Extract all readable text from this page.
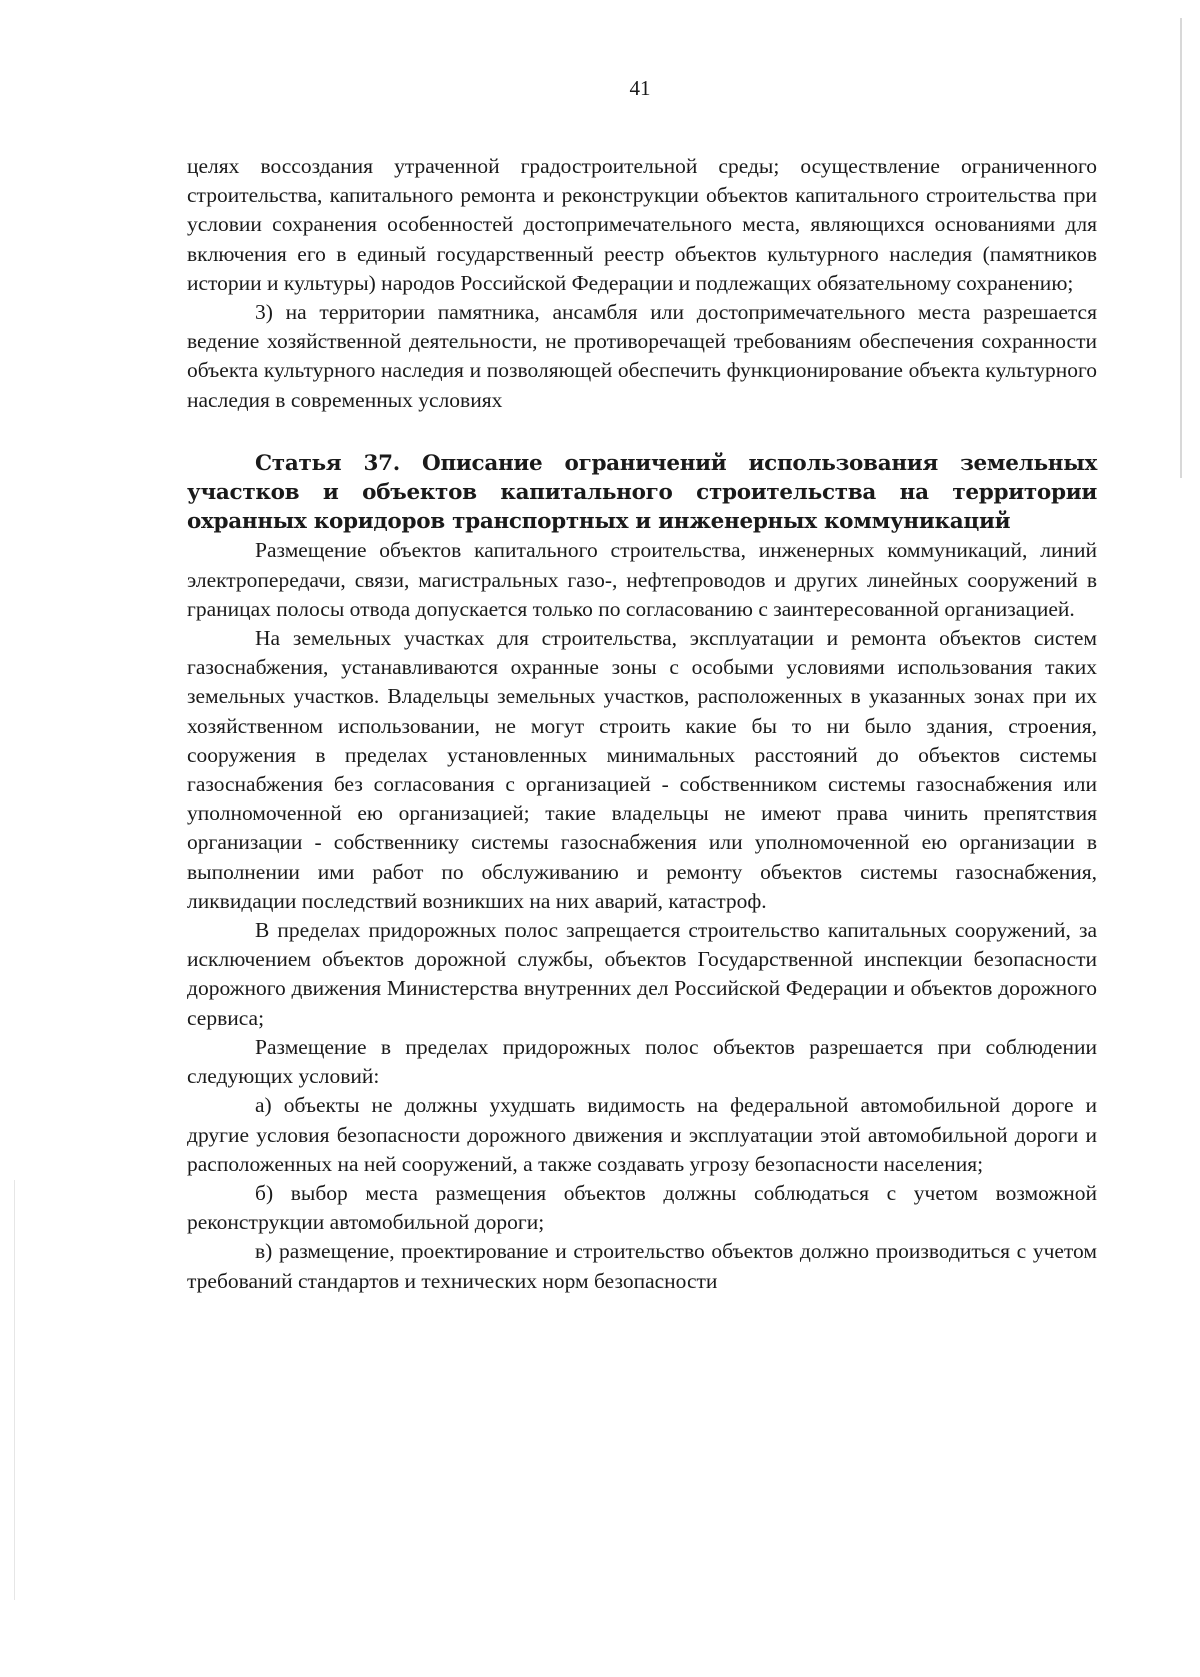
41

целях воссоздания утраченной градостроительной среды; осуществление ограниченного строительства, капитального ремонта и реконструкции объектов капитального строительства при условии сохранения особенностей достопримечательного места, являющихся основаниями для включения его в единый государственный реестр объектов культурного наследия (памятников истории и культуры) народов Российской Федерации и подлежащих обязательному сохранению;

3) на территории памятника, ансамбля или достопримечательного места разрешается ведение хозяйственной деятельности, не противоречащей требованиям обеспечения сохранности объекта культурного наследия и позволяющей обеспечить функционирование объекта культурного наследия в современных условиях

Статья 37. Описание ограничений использования земельных участков и объектов капитального строительства на территории охранных коридоров транспортных и инженерных коммуникаций

Размещение объектов капитального строительства, инженерных коммуникаций, линий электропередачи, связи, магистральных газо-, нефтепроводов и других линейных сооружений в границах полосы отвода допускается только по согласованию с заинтересованной организацией.

На земельных участках для строительства, эксплуатации и ремонта объектов систем газоснабжения, устанавливаются охранные зоны с особыми условиями использования таких земельных участков. Владельцы земельных участков, расположенных в указанных зонах при их хозяйственном использовании, не могут строить какие бы то ни было здания, строения, сооружения в пределах установленных минимальных расстояний до объектов системы газоснабжения без согласования с организацией - собственником системы газоснабжения или уполномоченной ею организацией; такие владельцы не имеют права чинить препятствия организации - собственнику системы газоснабжения или уполномоченной ею организации в выполнении ими работ по обслуживанию и ремонту объектов системы газоснабжения, ликвидации последствий возникших на них аварий, катастроф.

В пределах придорожных полос запрещается строительство капитальных сооружений, за исключением объектов дорожной службы, объектов Государственной инспекции безопасности дорожного движения Министерства внутренних дел Российской Федерации и объектов дорожного сервиса;

Размещение в пределах придорожных полос объектов разрешается при соблюдении следующих условий:

а) объекты не должны ухудшать видимость на федеральной автомобильной дороге и другие условия безопасности дорожного движения и эксплуатации этой автомобильной дороги и расположенных на ней сооружений, а также создавать угрозу безопасности населения;

б) выбор места размещения объектов должны соблюдаться с учетом возможной реконструкции автомобильной дороги;

в) размещение, проектирование и строительство объектов должно производиться с учетом требований стандартов и технических норм безопасности
